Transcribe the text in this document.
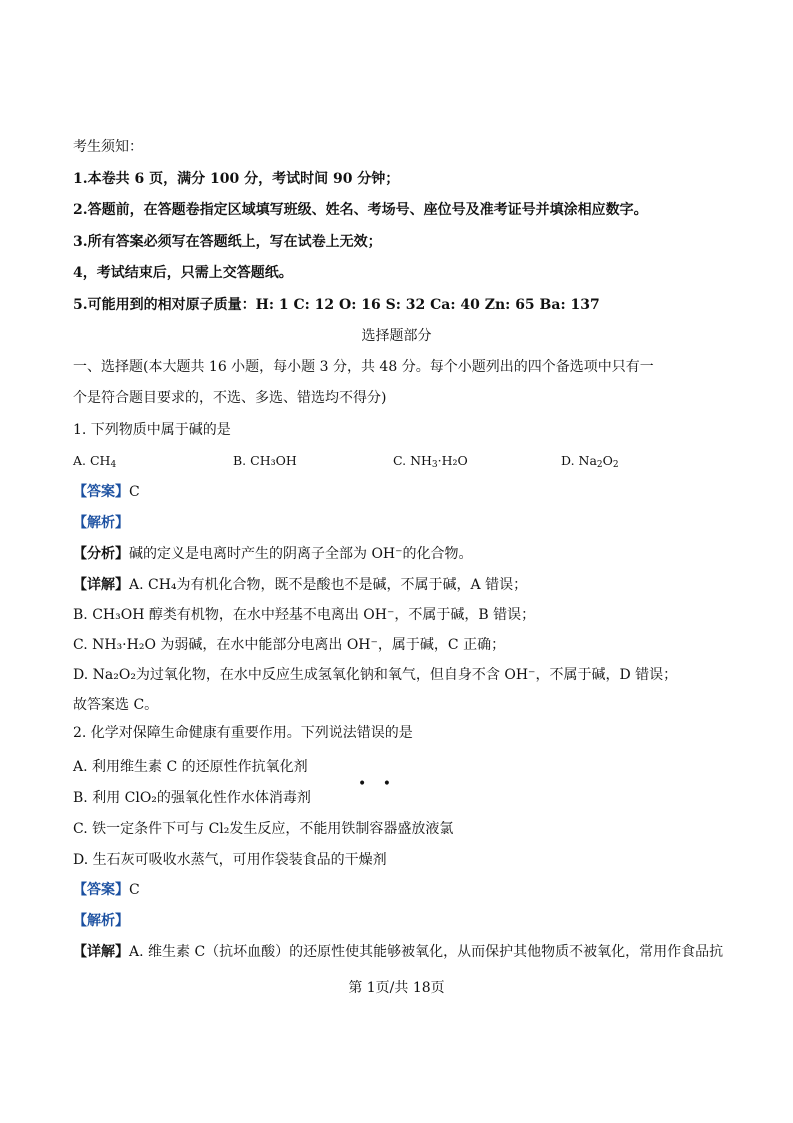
考生须知：
1.本卷共 6 页，满分 100 分，考试时间 90 分钟；
2.答题前，在答题卷指定区域填写班级、姓名、考场号、座位号及准考证号并填涂相应数字。
3.所有答案必须写在答题纸上，写在试卷上无效；
4，考试结束后，只需上交答题纸。
5.可能用到的相对原子质量：H: 1 C: 12 O: 16 S: 32 Ca: 40 Zn: 65 Ba: 137
选择题部分
一、选择题(本大题共 16 小题，每小题 3 分，共 48 分。每个小题列出的四个备选项中只有一
个是符合题目要求的，不选、多选、错选均不得分)
1. 下列物质中属于碱的是
A. $CH_4$	B. CH₃OH	C. $NH_3\cdot H_2O$	D. $Na_2O_2$
【答案】C
【解析】
【分析】碱的定义是电离时产生的阴离子全部为 OH⁻的化合物。
【详解】A. CH₄为有机化合物，既不是酸也不是碱，不属于碱，A 错误；
B. CH₃OH 醇类有机物，在水中羟基不电离出 OH⁻，不属于碱，B 错误；
C. NH₃·H₂O 为弱碱，在水中能部分电离出 OH⁻，属于碱，C 正确；
D. Na₂O₂为过氧化物，在水中反应生成氢氧化钠和氧气，但自身不含 OH⁻，不属于碱，D 错误；
故答案选 C。
2. 化学对保障生命健康有重要作用。下列说法错误的是
• •
A. 利用维生素 C 的还原性作抗氧化剂
B. 利用 ClO₂的强氧化性作水体消毒剂
C. 铁一定条件下可与 Cl₂发生反应，不能用铁制容器盛放液氯
D. 生石灰可吸收水蒸气，可用作袋装食品的干燥剂
【答案】C
【解析】
【详解】A. 维生素 C（抗坏血酸）的还原性使其能够被氧化，从而保护其他物质不被氧化，常用作食品抗
第 1页/共 18页
